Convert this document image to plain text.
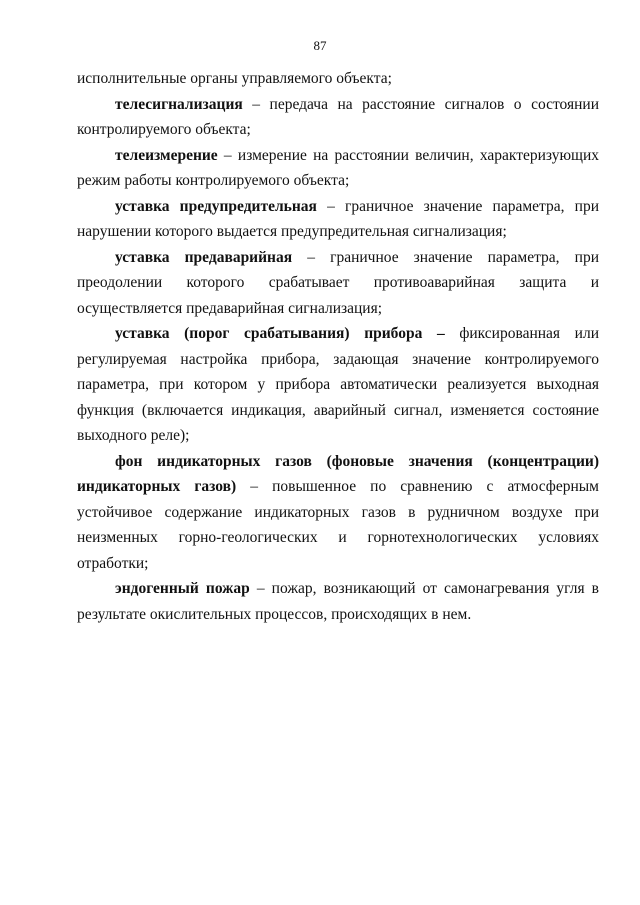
87

исполнительные органы управляемого объекта;

телесигнализация – передача на расстояние сигналов о состоянии контролируемого объекта;

телеизмерение – измерение на расстоянии величин, характеризующих режим работы контролируемого объекта;

уставка предупредительная – граничное значение параметра, при нарушении которого выдается предупредительная сигнализация;

уставка предаварийная – граничное значение параметра, при преодолении которого срабатывает противоаварийная защита и осуществляется предаварийная сигнализация;

уставка (порог срабатывания) прибора – фиксированная или регулируемая настройка прибора, задающая значение контролируемого параметра, при котором у прибора автоматически реализуется выходная функция (включается индикация, аварийный сигнал, изменяется состояние выходного реле);

фон индикаторных газов (фоновые значения (концентрации) индикаторных газов) – повышенное по сравнению с атмосферным устойчивое содержание индикаторных газов в рудничном воздухе при неизменных горно-геологических и горнотехнологических условиях отработки;

эндогенный пожар – пожар, возникающий от самонагревания угля в результате окислительных процессов, происходящих в нем.
